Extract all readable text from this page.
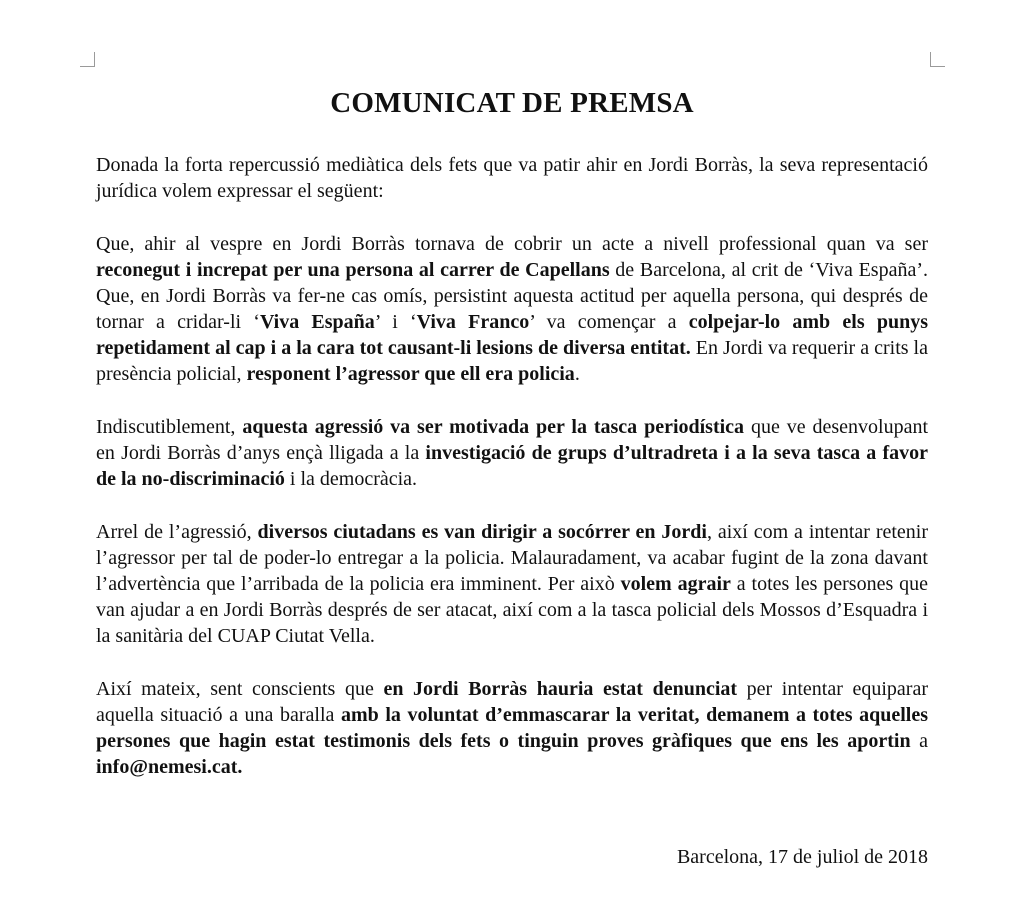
COMUNICAT DE PREMSA

Donada la forta repercussió mediàtica dels fets que va patir ahir en Jordi Borràs, la seva representació jurídica volem expressar el següent:

Que, ahir al vespre en Jordi Borràs tornava de cobrir un acte a nivell professional quan va ser reconegut i increpat per una persona al carrer de Capellans de Barcelona, al crit de ‘Viva España’. Que, en Jordi Borràs va fer-ne cas omís, persistint aquesta actitud per aquella persona, qui després de tornar a cridar-li ‘Viva España’ i ‘Viva Franco’ va començar a colpejar-lo amb els punys repetidament al cap i a la cara tot causant-li lesions de diversa entitat. En Jordi va requerir a crits la presència policial, responent l’agressor que ell era policia.

Indiscutiblement, aquesta agressió va ser motivada per la tasca periodística que ve desenvolupant en Jordi Borràs d’anys ençà lligada a la investigació de grups d’ultradreta i a la seva tasca a favor de la no-discriminació i la democràcia.

Arrel de l’agressió, diversos ciutadans es van dirigir a socórrer en Jordi, així com a intentar retenir l’agressor per tal de poder-lo entregar a la policia. Malauradament, va acabar fugint de la zona davant l’advertència que l’arribada de la policia era imminent. Per això volem agrair a totes les persones que van ajudar a en Jordi Borràs després de ser atacat, així com a la tasca policial dels Mossos d’Esquadra i la sanitària del CUAP Ciutat Vella.

Així mateix, sent conscients que en Jordi Borràs hauria estat denunciat per intentar equiparar aquella situació a una baralla amb la voluntat d’emmascarar la veritat, demanem a totes aquelles persones que hagin estat testimonis dels fets o tinguin proves gràfiques que ens les aportin a info@nemesi.cat.

Barcelona, 17 de juliol de 2018
